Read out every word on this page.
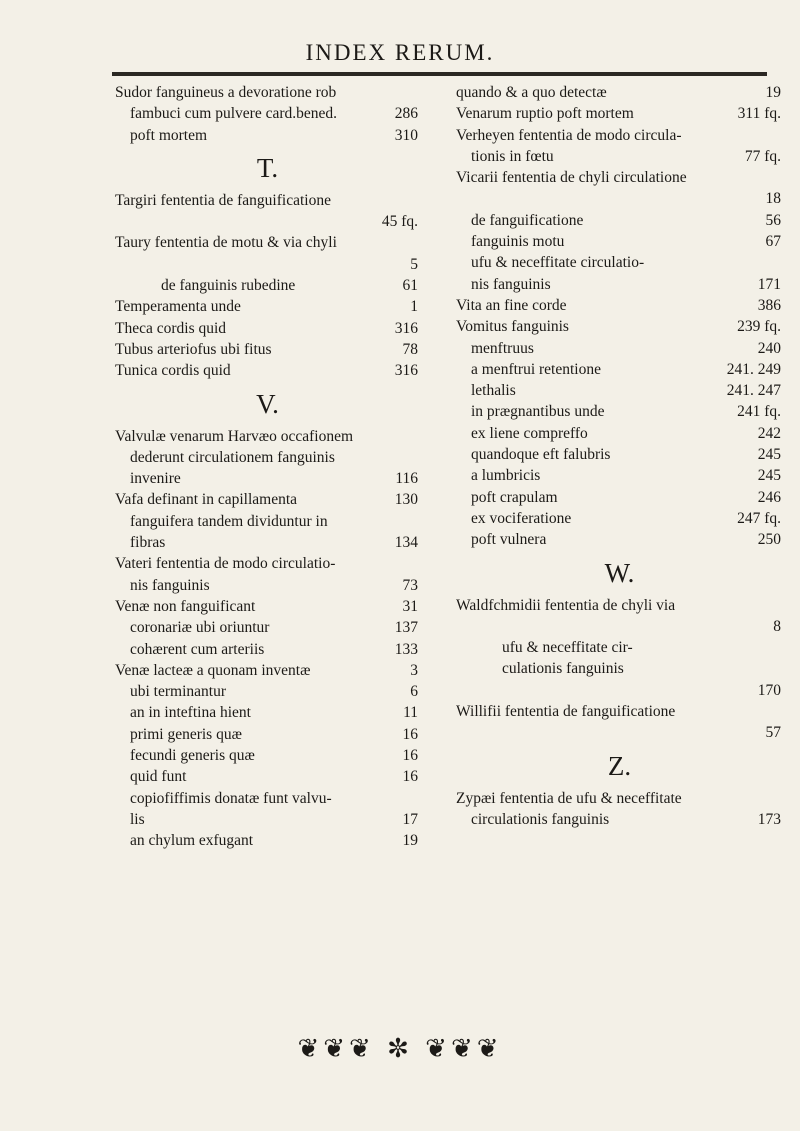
INDEX RERUM.
Sudor fanguineus a devoratione rob
fambuci cum pulvere card.bened.	286
poft mortem	310
T.
Targiri fententia de fanguificatione
45 fq.
Taury fententia de motu & via chyli
5
de fanguinis rubedine	61
Temperamenta unde	1
Theca cordis quid	316
Tubus arteriofus ubi fitus	78
Tunica cordis quid	316
V.
Valvulæ venarum Harvæo occafionem
dederunt circulationem fanguinis
invenire	116
Vafa definant in capillamenta	130
fanguifera tandem dividuntur in
fibras	134
Vateri fententia de modo circulatio-
nis fanguinis	73
Venæ non fanguificant	31
coronariæ ubi oriuntur	137
cohærent cum arteriis	133
Venæ lacteæ a quonam inventæ	3
ubi terminantur	6
an in inteftina hient	11
primi generis quæ	16
fecundi generis quæ	16
quid funt	16
copiofiffimis donatæ funt valvu-
lis	17
an chylum exfugant	19
quando & a quo detectæ	19
Venarum ruptio poft mortem	311 fq.
Verheyen fententia de modo circula-
tionis in fœtu	77 fq.
Vicarii fententia de chyli circulatione
18
de fanguificatione	56
fanguinis motu	67
ufu & neceffitate circulatio-
nis fanguinis	171
Vita an fine corde	386
Vomitus fanguinis	239 fq.
menftruus	240
a menftrui retentione	241. 249
lethalis	241. 247
in prægnantibus unde	241 fq.
ex liene compreffo	242
quandoque eft falubris	245
a lumbricis	245
poft crapulam	246
ex vociferatione	247 fq.
poft vulnera	250
W.
Waldfchmidii fententia de chyli via
8
ufu & neceffitate cir-
culationis fanguinis
170
Willifii fententia de fanguificatione
57
Z.
Zypæi fententia de ufu & neceffitate
circulationis fanguinis	173
❦❦❦ ✼ ❦❦❦
